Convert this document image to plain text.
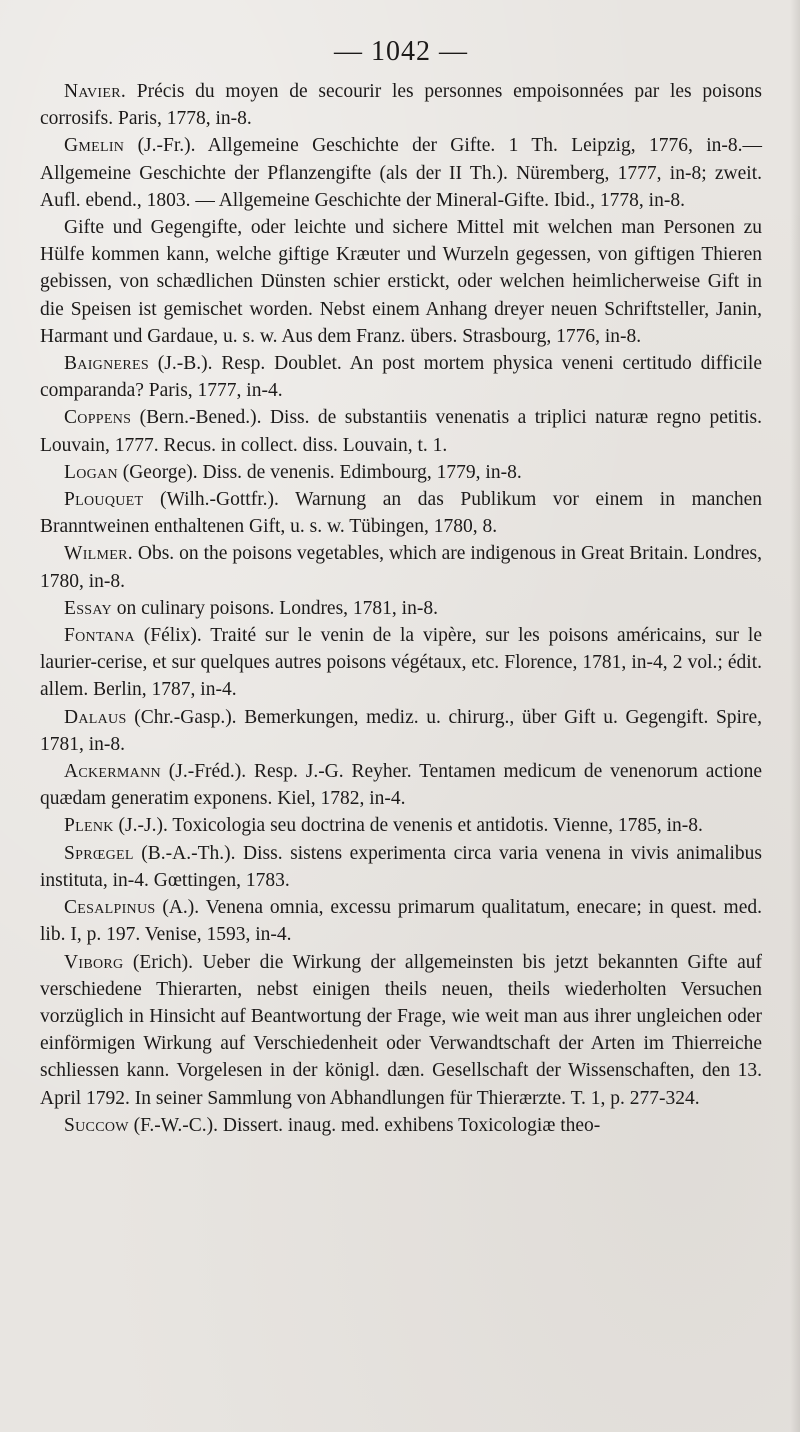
— 1042 —

Navier. Précis du moyen de secourir les personnes empoisonnées par les poisons corrosifs. Paris, 1778, in-8.

Gmelin (J.-Fr.). Allgemeine Geschichte der Gifte. 1 Th. Leipzig, 1776, in-8.— Allgemeine Geschichte der Pflanzengifte (als der II Th.). Nüremberg, 1777, in-8; zweit. Aufl. ebend., 1803. — Allgemeine Geschichte der Mineral-Gifte. Ibid., 1778, in-8.

Gifte und Gegengifte, oder leichte und sichere Mittel mit welchen man Personen zu Hülfe kommen kann, welche giftige Kræuter und Wurzeln gegessen, von giftigen Thieren gebissen, von schædlichen Dünsten schier erstickt, oder welchen heimlicherweise Gift in die Speisen ist gemischet worden. Nebst einem Anhang dreyer neuen Schriftsteller, Janin, Harmant und Gardaue, u. s. w. Aus dem Franz. übers. Strasbourg, 1776, in-8.

Baigneres (J.-B.). Resp. Doublet. An post mortem physica veneni certitudo difficile comparanda? Paris, 1777, in-4.

Coppens (Bern.-Bened.). Diss. de substantiis venenatis a triplici naturæ regno petitis. Louvain, 1777. Recus. in collect. diss. Louvain, t. 1.

Logan (George). Diss. de venenis. Edimbourg, 1779, in-8.

Plouquet (Wilh.-Gottfr.). Warnung an das Publikum vor einem in manchen Branntweinen enthaltenen Gift, u. s. w. Tübingen, 1780, 8.

Wilmer. Obs. on the poisons vegetables, which are indigenous in Great Britain. Londres, 1780, in-8.

Essay on culinary poisons. Londres, 1781, in-8.

Fontana (Félix). Traité sur le venin de la vipère, sur les poisons américains, sur le laurier-cerise, et sur quelques autres poisons végétaux, etc. Florence, 1781, in-4, 2 vol.; édit. allem. Berlin, 1787, in-4.

Dalaus (Chr.-Gasp.). Bemerkungen, mediz. u. chirurg., über Gift u. Gegengift. Spire, 1781, in-8.

Ackermann (J.-Fréd.). Resp. J.-G. Reyher. Tentamen medicum de venenorum actione quædam generatim exponens. Kiel, 1782, in-4.

Plenk (J.-J.). Toxicologia seu doctrina de venenis et antidotis. Vienne, 1785, in-8.

Sprœgel (B.-A.-Th.). Diss. sistens experimenta circa varia venena in vivis animalibus instituta, in-4. Gœttingen, 1783.

Cesalpinus (A.). Venena omnia, excessu primarum qualitatum, enecare; in quest. med. lib. I, p. 197. Venise, 1593, in-4.

Viborg (Erich). Ueber die Wirkung der allgemeinsten bis jetzt bekannten Gifte auf verschiedene Thierarten, nebst einigen theils neuen, theils wiederholten Versuchen vorzüglich in Hinsicht auf Beantwortung der Frage, wie weit man aus ihrer ungleichen oder einförmigen Wirkung auf Verschiedenheit oder Verwandtschaft der Arten im Thierreiche schliessen kann. Vorgelesen in der königl. dæn. Gesellschaft der Wissenschaften, den 13. April 1792. In seiner Sammlung von Abhandlungen für Thierærzte. T. 1, p. 277-324.

Succow (F.-W.-C.). Dissert. inaug. med. exhibens Toxicologiæ theo-
